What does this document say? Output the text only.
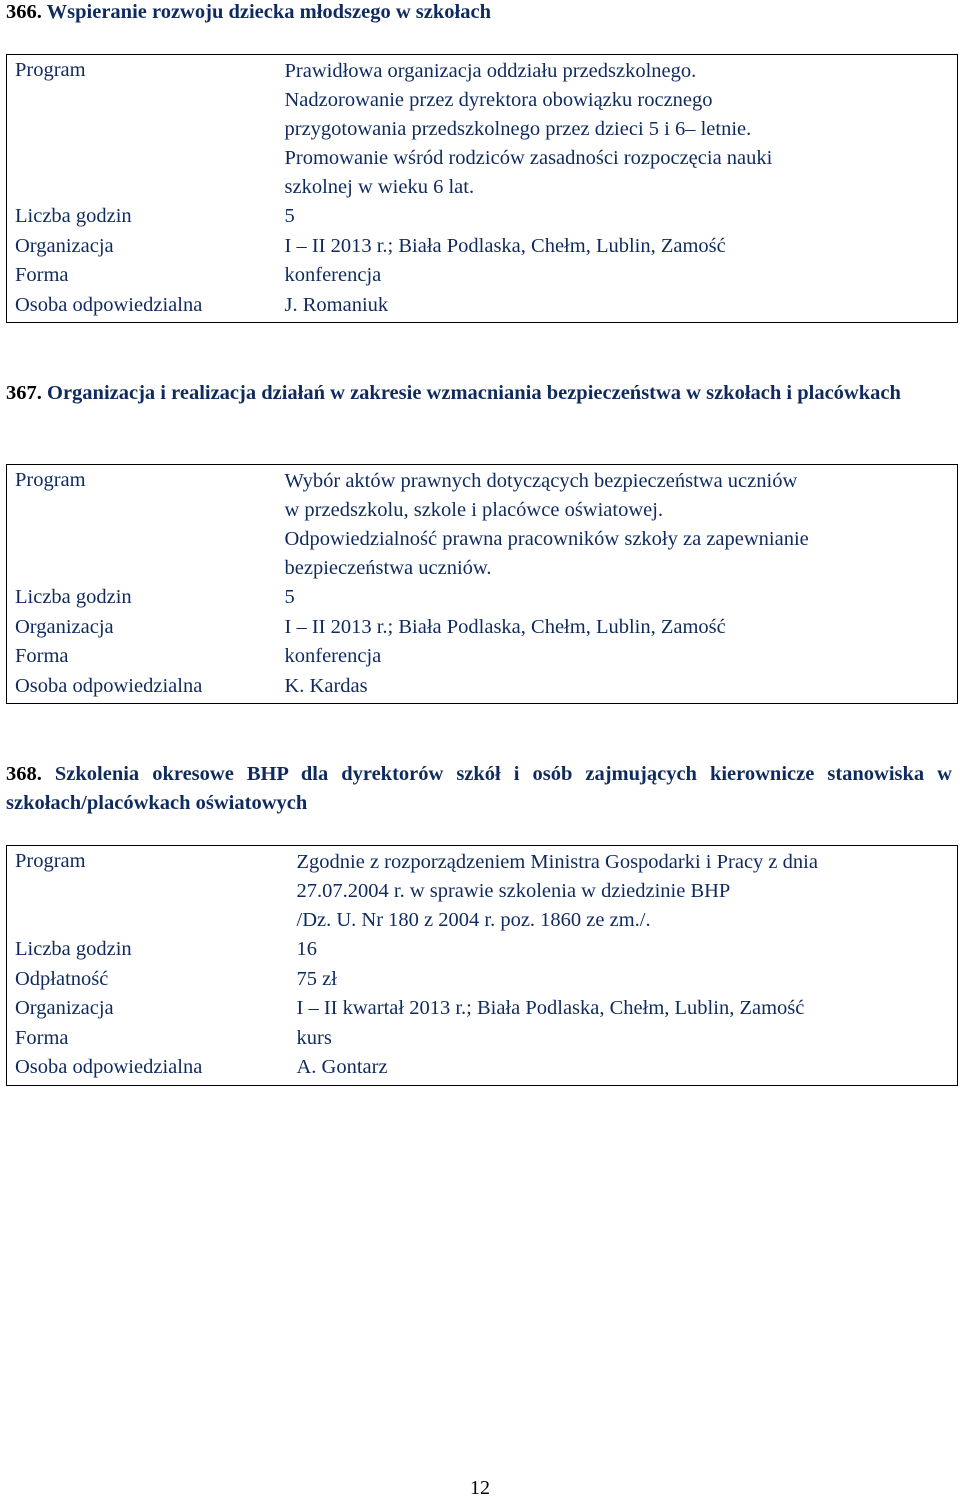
366. Wspieranie rozwoju dziecka młodszego w szkołach
Program	Prawidłowa organizacja oddziału przedszkolnego.
Nadzorowanie przez dyrektora obowiązku rocznego
przygotowania przedszkolnego przez dzieci 5 i 6– letnie.
Promowanie wśród rodziców zasadności rozpoczęcia nauki
szkolnej w wieku 6 lat.

Liczba godzin	5
Organizacja	I – II 2013 r.; Biała Podlaska, Chełm, Lublin, Zamość
Forma	konferencja
Osoba odpowiedzialna	J. Romaniuk
367. Organizacja i realizacja działań w zakresie wzmacniania bezpieczeństwa w szkołach i placówkach
Program	Wybór aktów prawnych dotyczących bezpieczeństwa uczniów
w przedszkolu, szkole i placówce oświatowej.
Odpowiedzialność prawna pracowników szkoły za zapewnianie
bezpieczeństwa uczniów.

Liczba godzin	5
Organizacja	I – II 2013 r.; Biała Podlaska, Chełm, Lublin, Zamość
Forma	konferencja
Osoba odpowiedzialna	K. Kardas
368. Szkolenia okresowe BHP dla dyrektorów szkół i osób zajmujących kierownicze stanowiska w szkołach/placówkach oświatowych
Program	Zgodnie z rozporządzeniem Ministra Gospodarki i Pracy z dnia
27.07.2004 r. w sprawie szkolenia w dziedzinie BHP
/Dz. U. Nr 180 z 2004 r. poz. 1860 ze zm./.

Liczba godzin	16
Odpłatność	75 zł
Organizacja	I – II kwartał 2013 r.; Biała Podlaska, Chełm, Lublin, Zamość
Forma	kurs
Osoba odpowiedzialna	A. Gontarz
12
